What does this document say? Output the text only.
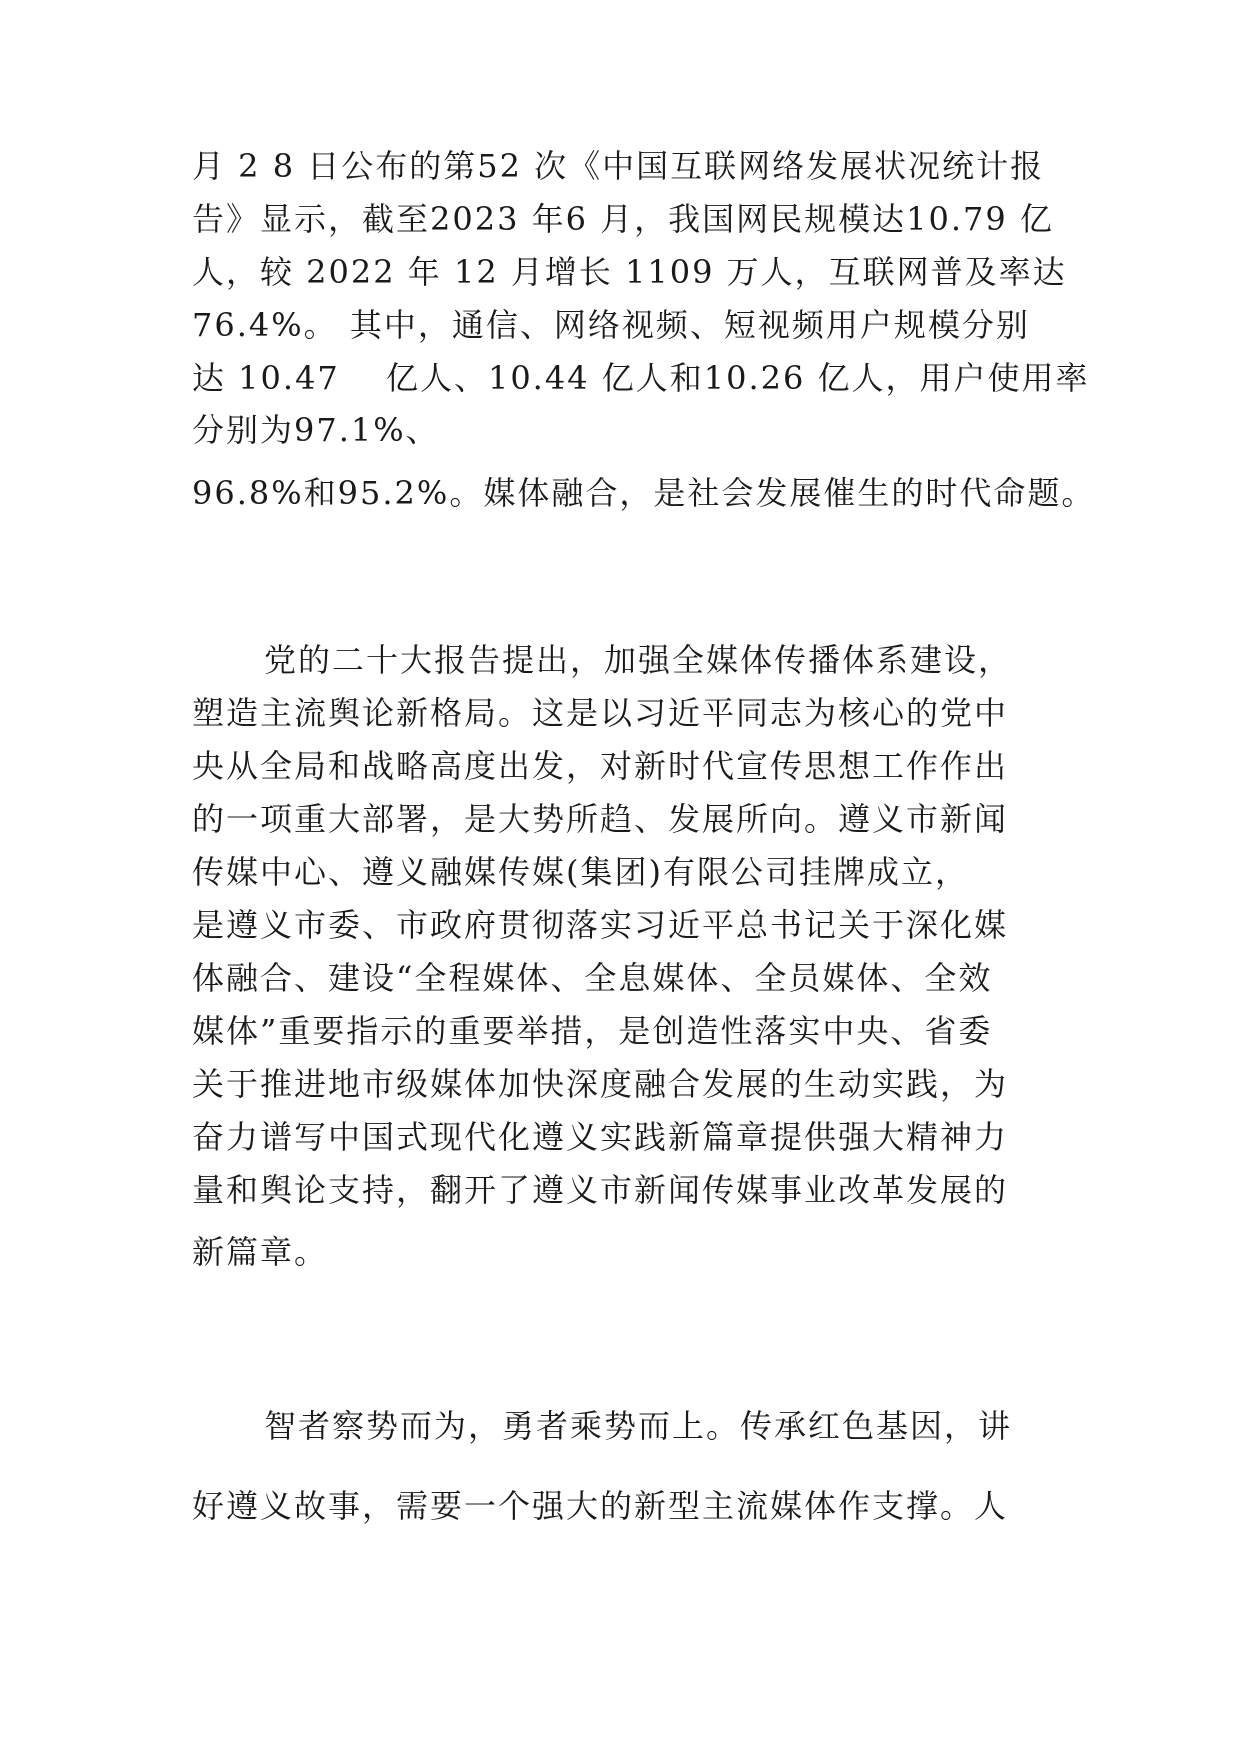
月 2 8 日公布的第52 次《中国互联网络发展状况统计报
告》显示，截至2023 年6 月，我国网民规模达10.79 亿
人，较 2022 年 12 月增长 1109 万人，互联网普及率达
76.4%。 其中，通信、网络视频、短视频用户规模分别
达 10.47　 亿人、10.44 亿人和10.26 亿人，用户使用率
分别为97.1%、
96.8%和95.2%。媒体融合，是社会发展催生的时代命题。
党的二十大报告提出，加强全媒体传播体系建设，
塑造主流舆论新格局。这是以习近平同志为核心的党中
央从全局和战略高度出发，对新时代宣传思想工作作出
的一项重大部署，是大势所趋、发展所向。遵义市新闻
传媒中心、遵义融媒传媒(集团)有限公司挂牌成立，
是遵义市委、市政府贯彻落实习近平总书记关于深化媒
体融合、建设“全程媒体、全息媒体、全员媒体、全效
媒体”重要指示的重要举措，是创造性落实中央、省委
关于推进地市级媒体加快深度融合发展的生动实践，为
奋力谱写中国式现代化遵义实践新篇章提供强大精神力
量和舆论支持，翻开了遵义市新闻传媒事业改革发展的
新篇章。
智者察势而为，勇者乘势而上。传承红色基因，讲
好遵义故事，需要一个强大的新型主流媒体作支撑。人
